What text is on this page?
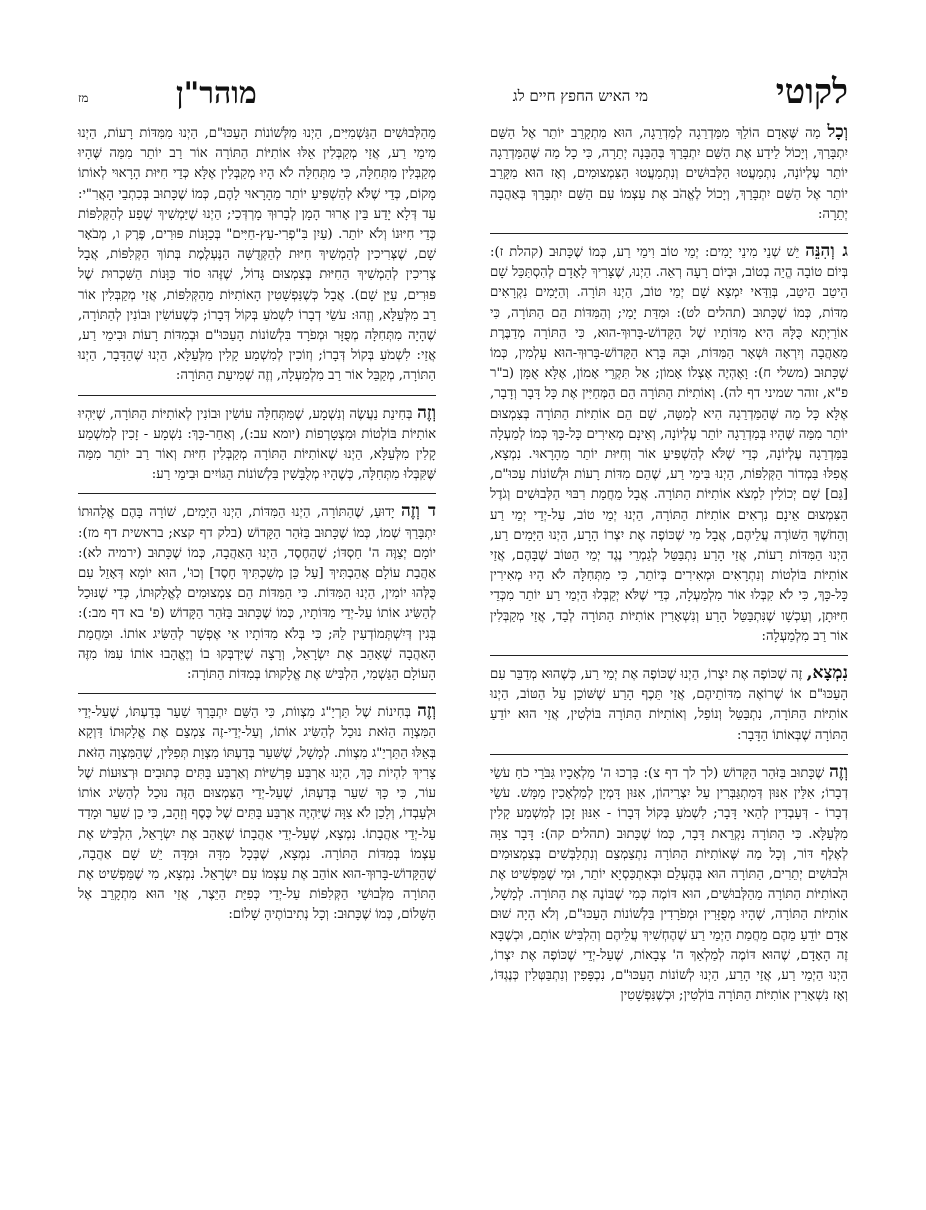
לקוטי
מי האיש החפץ חיים לג
מוהר"ן
מז

וְכָל מַה שֶּׁאָדָם הוֹלֵךְ מִמַּדְרֵגָה לְמַדְרֵגָה, הוּא מִתְקָרֵב יוֹתֵר אֶל הַשֵּׁם יִתְבָּרַךְ, וְיָכוֹל לֵידַע אֶת הַשֵּׁם יִתְבָּרַךְ בְּהַבָּנָה יְתֵרָה, כִּי כָל מַה שֶּׁהַמַּדְרֵגָה יוֹתֵר עֶלְיוֹנָה, נִתְמַעֲטוּ הַלְּבוּשִׁים וְנִתְמַעֲטוּ הַצִּמְצוּמִים, וְאָז הוּא מִקָּרֵב יוֹתֵר אֶל הַשֵּׁם יִתְבָּרַךְ, וְיָכוֹל לֶאֱהֹב אֶת עַצְמוֹ עִם הַשֵּׁם יִתְבָּרַךְ בְּאַהֲבָה יְתֵרָה:

ג וְהִנֵּה יֵשׁ שְׁנֵי מִינֵי יָמִים: יְמֵי טוֹב וִימֵי רַע, כְּמוֹ שֶׁכָּתוּב (קהלת ז): בְּיוֹם טוֹבָה הֱיֵה בְטוֹב, וּבְיוֹם רָעָה רְאֵה. הַיְנוּ, שֶׁצָּרִיךְ לָאָדָם לְהִסְתַּכֵּל שָׁם הֵיטֵב הֵיטֵב, בְּוַדַּאי יִמְצָא שָׁם יְמֵי טוֹב, הַיְנוּ תּוֹרָה. וְהַיָּמִים נִקְרָאִים מִדּוֹת, כְּמוֹ שֶׁכָּתוּב (תהלים לט): וּמִדַּת יָמַי; וְהַמִּדּוֹת הֵם הַתּוֹרָה, כִּי אוֹרַיְתָא כֻּלָּהּ הִיא מִדּוֹתָיו שֶׁל הַקָּדוֹשׁ-בָּרוּךְ-הוּא, כִּי הַתּוֹרָה מְדַבֶּרֶת מֵאַהֲבָה וְיִרְאָה וּשְׁאָר הַמִּדּוֹת, וּבָהּ בָּרָא הַקָּדוֹשׁ-בָּרוּךְ-הוּא עָלְמִין, כְּמוֹ שֶׁכָּתוּב (משלי ח): וָאֶהְיֶה אֶצְלוֹ אָמוֹן; אַל תִּקְרֵי אָמוֹן, אֶלָּא אֻמָּן (ב"ר פ"א, זוהר שמיני דף לה). וְאוֹתִיּוֹת הַתּוֹרָה הֵם הַמְּחַיִּין אֶת כָּל דָּבָר וְדָבָר, אֶלָּא כָּל מַה שֶּׁהַמַּדְרֵגָה הִיא לְמַטָּה, שָׁם הֵם אוֹתִיּוֹת הַתּוֹרָה בְּצִמְצוּם יוֹתֵר מִמַּה שֶּׁהָיוּ בְּמַדְרֵגָה יוֹתֵר עֶלְיוֹנָה, וְאֵינָם מְאִירִים כָּל-כָּךְ כְּמוֹ לְמַעְלָה בַּמַּדְרֵגָה עֶלְיוֹנָה, כְּדֵי שֶׁלֹּא לְהַשְׁפִּיעַ אוֹר וְחִיּוּת יוֹתֵר מֵהָרָאוּי. נִמְצָא, אֲפִלּוּ בִּמְדוֹר הַקְּלִפּוֹת, הַיְנוּ בִּימֵי רַע, שֶׁהֵם מִדּוֹת רָעוֹת וּלְשׁוֹנוֹת עַכּוּ"ם, [גַּם] שָׁם יְכוֹלִין לִמְצֹא אוֹתִיּוֹת הַתּוֹרָה. אֲבָל מֵחֲמַת רִבּוּי הַלְּבוּשִׁים וְגֹדֶל הַצִּמְצוּם אֵינָם נִרְאִים אוֹתִיּוֹת הַתּוֹרָה, הַיְנוּ יְמֵי טוֹב, עַל-יְדֵי יְמֵי רַע וְהַחֹשֶׁךְ הַשּׁוֹרֶה עֲלֵיהֶם, אֲבָל מִי שֶׁכּוֹפֶה אֶת יִצְרוֹ הָרָע, הַיְנוּ הַיָּמִים רַע, הַיְנוּ הַמִּדּוֹת רָעוֹת, אֲזַי הָרַע נִתְבַּטֵּל לְגַמְרֵי נֶגֶד יְמֵי הַטּוֹב שֶׁבָּהֶם, אֲזַי אוֹתִיּוֹת בּוֹלְטוֹת וְנִתְרָאִים וּמְאִירִים בְּיוֹתֵר, כִּי מִתְּחִלָּה לֹא הָיוּ מְאִירִין כָּל-כָּךְ, כִּי לֹא קִבְּלוּ אוֹר מִלְמַעְלָה, כְּדֵי שֶׁלֹּא יְקַבְּלוּ הַיְמֵי רַע יוֹתֵר מִכְּדֵי חִיּוּתָן, וְעַכְשָׁו שֶׁנִּתְבַּטֵּל הָרַע וְנִשְׁאָרִין אוֹתִיּוֹת הַתּוֹרָה לְבַד, אֲזַי מְקַבְּלִין אוֹר רַב מִלְמַעְלָה:

נִמְצָא, זֶה שֶׁכּוֹפֶה אֶת יִצְרוֹ, הַיְנוּ שֶׁכּוֹפֶה אֶת יְמֵי רַע, כְּשֶׁהוּא מְדַבֵּר עִם הָעַכּוּ"ם אוֹ שֶׁרוֹאֶה מִדּוֹתֵיהֶם, אֲזַי תֵּכֶף הָרַע שֶׁשּׁוֹכֵן עַל הַטּוֹב, הַיְנוּ אוֹתִיּוֹת הַתּוֹרָה, נִתְבַּטֵּל וְנוֹפֵל, וְאוֹתִיּוֹת הַתּוֹרָה בּוֹלְטִין, אֲזַי הוּא יוֹדֵעַ הַתּוֹרָה שֶׁבְּאוֹתוֹ הַדָּבָר:

וְזֶה שֶׁכָּתוּב בַּזֹּהַר הַקָּדוֹשׁ (לך לך דף צ): בָּרְכוּ ה' מַלְאָכָיו גִּבֹּרֵי כֹחַ עֹשֵׂי דְבָרוֹ; אִלֵּין אִנּוּן דְּמִתְגַּבְּרִין עַל יִצְרֵיהוֹן, אִנּוּן דָּמְיָן לְמַלְאָכִין מַמָּשׁ. עֹשֵׂי דְבָרוֹ - דְּעָבְדִין לְהַאי דָּבָר; לִשְׁמֹעַ בְּקוֹל דְּבָרוֹ - אִנּוּן זָכָן לְמִשְׁמַע קָלִין מִלְּעֵלָּא. כִּי הַתּוֹרָה נִקְרֵאת דָּבָר, כְּמוֹ שֶׁכָּתוּב (תהלים קה): דָּבָר צִוָּה לְאֶלֶף דּוֹר, וְכָל מַה שֶּׁאוֹתִיּוֹת הַתּוֹרָה נִתְצַמְצֵם וְנִתְלַבְּשִׁים בְּצִמְצוּמִים וּלְבוּשִׁים יְתֵרִים, הַתּוֹרָה הוּא בְּהֶעְלֵם וּבְאִתְכַּסְיָא יוֹתֵר, וּמִי שֶׁמַּפְשִׁיט אֶת הָאוֹתִיּוֹת הַתּוֹרָה מֵהַלְּבוּשִׁים, הוּא דּוֹמֶה כְּמִי שֶׁבּוֹנֶה אֶת הַתּוֹרָה. לְמָשָׁל, אוֹתִיּוֹת הַתּוֹרָה, שֶׁהָיוּ מְפֻזָּרִין וּמְפֹרָדִין בִּלְשׁוֹנוֹת הָעַכּוּ"ם, וְלֹא הָיָה שׁוּם אָדָם יוֹדֵעַ מֵהֶם מֵחֲמַת הַיְמֵי רַע שֶׁהֶחְשִׁיךְ עֲלֵיהֶם וְהִלְבִּישׁ אוֹתָם, וּכְשֶׁבָּא זֶה הָאָדָם, שֶׁהוּא דּוֹמֶה לְמַלְאַךְ ה' צְבָאוֹת, שֶׁעַל-יְדֵי שֶׁכּוֹפֶה אֶת יִצְרוֹ, הַיְנוּ הַיְמֵי רַע, אֲזַי הָרַע, הַיְנוּ לְשׁוֹנוֹת הָעַכּוּ"ם, נִכְפָּפִין וְנִתְבַּטְּלִין כְּנֶגְדּוֹ, וְאָז נִשְׁאָרִין אוֹתִיּוֹת הַתּוֹרָה בּוֹלְטִין; וּכְשֶׁנִּפְשָׁטִין

מֵהַלְּבוּשִׁים הַגַּשְׁמִיִּים, הַיְנוּ מִלְּשׁוֹנוֹת הָעַכּוּ"ם, הַיְנוּ מִמִּדּוֹת רָעוֹת, הַיְנוּ מִימֵי רַע, אֲזַי מְקַבְּלִין אֵלּוּ אוֹתִיּוֹת הַתּוֹרָה אוֹר רַב יוֹתֵר מִמַּה שֶּׁהָיוּ מְקַבְּלִין מִתְּחִלָּה, כִּי מִתְּחִלָּה לֹא הָיוּ מְקַבְּלִין אֶלָּא כְּדֵי חִיּוּת הָרָאוּי לְאוֹתוֹ מָקוֹם, כְּדֵי שֶׁלֹּא לְהַשְׁפִּיעַ יוֹתֵר מֵהָרָאוּי לָהֶם, כְּמוֹ שֶׁכָּתוּב בְּכִתְבֵי הָאֲרִ"י: עַד דְּלָא יָדַע בֵּין אָרוּר הָמָן לְבָרוּךְ מָרְדְּכַי; הַיְנוּ שֶׁיַּמְשִׁיךְ שֶׁפַע לְהַקְּלִפּוֹת כְּדֵי חִיּוּנוֹ וְלֹא יוֹתֵר. (עַיִן בִּ"פְרִי-עֵץ-חַיִּים" בְּכַוָּנוֹת פּוּרִים, פֶּרֶק ו, מְבֹאָר שָׁם, שֶׁצְּרִיכִין לְהַמְשִׁיךְ חִיּוּת לְהַקְּדֻשָּׁה הַנֶּעְלֶמֶת בְּתוֹךְ הַקְּלִפּוֹת, אֲבָל צְרִיכִין לְהַמְשִׁיךְ הַחִיּוּת בְּצִמְצוּם גָּדוֹל, שֶׁזֶּהוּ סוֹד כַּוָּנוֹת הַשִּׁכְרוּת שֶׁל פּוּרִים, עַיֵּן שָׁם). אֲבָל כְּשֶׁנִּפְשָׁטִין הָאוֹתִיּוֹת מֵהַקְּלִפּוֹת, אֲזַי מְקַבְּלִין אוֹר רַב מִלְּעֵלָּא, וְזֶהוּ: עֹשֵׂי דְבָרוֹ לִשְׁמֹעַ בְּקוֹל דְּבָרוֹ; כְּשֶׁעוֹשִׂין וּבוֹנִין לְהַתּוֹרָה, שֶׁהָיָה מִתְּחִלָּה מְפֻזָּר וּמְפֹרָד בִּלְשׁוֹנוֹת הָעַכּוּ"ם וּבְמִדּוֹת רָעוֹת וּבִימֵי רַע, אֲזַי: לִשְׁמֹעַ בְּקוֹל דְּבָרוֹ; וְזוֹכִין לְמִשְׁמַע קָלִין מִלְּעֵלָּא, הַיְנוּ שֶׁהַדָּבָר, הַיְנוּ הַתּוֹרָה, מְקַבֵּל אוֹר רַב מִלְמַעְלָה, וְזֶה שְׁמִיעַת הַתּוֹרָה:

וְזֶה בְּחִינַת נַעֲשֶׂה וְנִשְׁמָע, שֶׁמִּתְּחִלָּה עוֹשִׂין וּבוֹנִין לְאוֹתִיּוֹת הַתּוֹרָה, שֶׁיִּהְיוּ אוֹתִיּוֹת בּוֹלְטוֹת וּמִצְטָרְפוֹת (יומא עב:), וְאַחַר-כָּךְ: נִשְׁמָע - זָכִין לְמִשְׁמַע קָלִין מִלְּעֵלָּא, הַיְנוּ שֶׁאוֹתִיּוֹת הַתּוֹרָה מְקַבְּלִין חִיּוּת וְאוֹר רַב יוֹתֵר מִמַּה שֶּׁקִּבְּלוּ מִתְּחִלָּה, כְּשֶׁהָיוּ מְלֻבָּשִׁין בִּלְשׁוֹנוֹת הַגּוֹיִים וּבִימֵי רַע:

ד וְזֶה יָדוּעַ, שֶׁהַתּוֹרָה, הַיְנוּ הַמִּדּוֹת, הַיְנוּ הַיָּמִים, שׁוֹרָה בָּהֶם אֱלָהוּתוֹ יִתְבָּרַךְ שְׁמוֹ, כְּמוֹ שֶׁכָּתוּב בַּזֹּהַר הַקָּדוֹשׁ (בלק דף קצא; בראשית דף מז): יוֹמָם יְצַוֶּה ה' חַסְדּוֹ; שֶׁהַחֶסֶד, הַיְנוּ הָאַהֲבָה, כְּמוֹ שֶׁכָּתוּב (ירמיה לא): אַהֲבַת עוֹלָם אֲהַבְתִּיךְ [עַל כֵּן מְשַׁכְתִּיךְ חָסֶד] וְכוּ', הוּא יוֹמָא דְּאָזֵל עִם כֻּלְּהוּ יוֹמִין, הַיְנוּ הַמִּדּוֹת. כִּי הַמִּדּוֹת הֵם צִמְצוּמִים לֶאֱלָקוּתוֹ, כְּדֵי שֶׁנּוּכַל לְהַשִּׂיג אוֹתוֹ עַל-יְדֵי מִדּוֹתָיו, כְּמוֹ שֶׁכָּתוּב בַּזֹּהַר הַקָּדוֹשׁ (פ' בא דף מב:): בְּגִין דְּיִשְׁתְּמוֹדְעִין לֵהּ; כִּי בְּלֹא מִדּוֹתָיו אִי אֶפְשָׁר לְהַשִּׂיג אוֹתוֹ. וּמֵחֲמַת הָאַהֲבָה שֶׁאָהַב אֶת יִשְׂרָאֵל, וְרָצָה שֶׁיִּדְבְּקוּ בוֹ וְיֶאֱהָבוּ אוֹתוֹ עִמּוֹ מִזֶּה הָעוֹלָם הַגַּשְׁמִי, הִלְבִּישׁ אֶת אֱלָקוּתוֹ בְּמִדּוֹת הַתּוֹרָה:

וְזֶה בְּחִינוֹת שֶׁל תַּרְיַ"ג מִצְווֹת, כִּי הַשֵּׁם יִתְבָּרַךְ שַׁעַר בְּדַעְתּוֹ, שֶׁעַל-יְדֵי הַמִּצְוָה הַזֹּאת נוּכַל לְהַשִּׂיג אוֹתוֹ, וְעַל-יְדֵי-זֶה צִמְצֵם אֶת אֱלָקוּתוֹ דַּוְקָא בְּאֵלּוּ הַתַּרְיַ"ג מִצְווֹת. לְמָשָׁל, שֶׁשִּׁעֵר בְּדַעְתּוֹ מִצְוַת תְּפִלִּין, שֶׁהַמִּצְוָה הַזֹּאת צָרִיךְ לִהְיוֹת כָּךְ, הַיְנוּ אַרְבַּע פָּרְשִׁיּוֹת וְאַרְבַּע בָּתִּים כְּתוּבִים וּרְצוּעוֹת שֶׁל עוֹר, כִּי כָּךְ שִׁעֵר בְּדַעְתּוֹ, שֶׁעַל-יְדֵי הַצִּמְצוּם הַזֶּה נוּכַל לְהַשִּׂיג אוֹתוֹ וּלְעָבְדוֹ, וְלָכֵן לֹא צִוָּה שֶׁיִּהְיֶה אַרְבַּע בָּתִּים שֶׁל כֶּסֶף וְזָהָב, כִּי כֵן שִׁעֵר וּמָדַד עַל-יְדֵי אַהֲבָתוֹ. נִמְצָא, שֶׁעַל-יְדֵי אַהֲבָתוֹ שֶׁאָהַב אֶת יִשְׂרָאֵל, הִלְבִּישׁ אֶת עַצְמוֹ בְּמִדּוֹת הַתּוֹרָה. נִמְצָא, שֶׁבְּכָל מִדָּה וּמִדָּה יֵשׁ שָׁם אַהֲבָה, שֶׁהַקָּדוֹשׁ-בָּרוּךְ-הוּא אוֹהֵב אֶת עַצְמוֹ עִם יִשְׂרָאֵל. נִמְצָא, מִי שֶׁמַּפְשִׁיט אֶת הַתּוֹרָה מִלְּבוּשֵׁי הַקְּלִפּוֹת עַל-יְדֵי כְּפִיַּת הַיֵּצֶר, אֲזַי הוּא מִתְקָרֵב אֶל הַשָּׁלוֹם, כְּמוֹ שֶׁכָּתוּב: וְכָל נְתִיבוֹתֶיהָ שָׁלוֹם:
